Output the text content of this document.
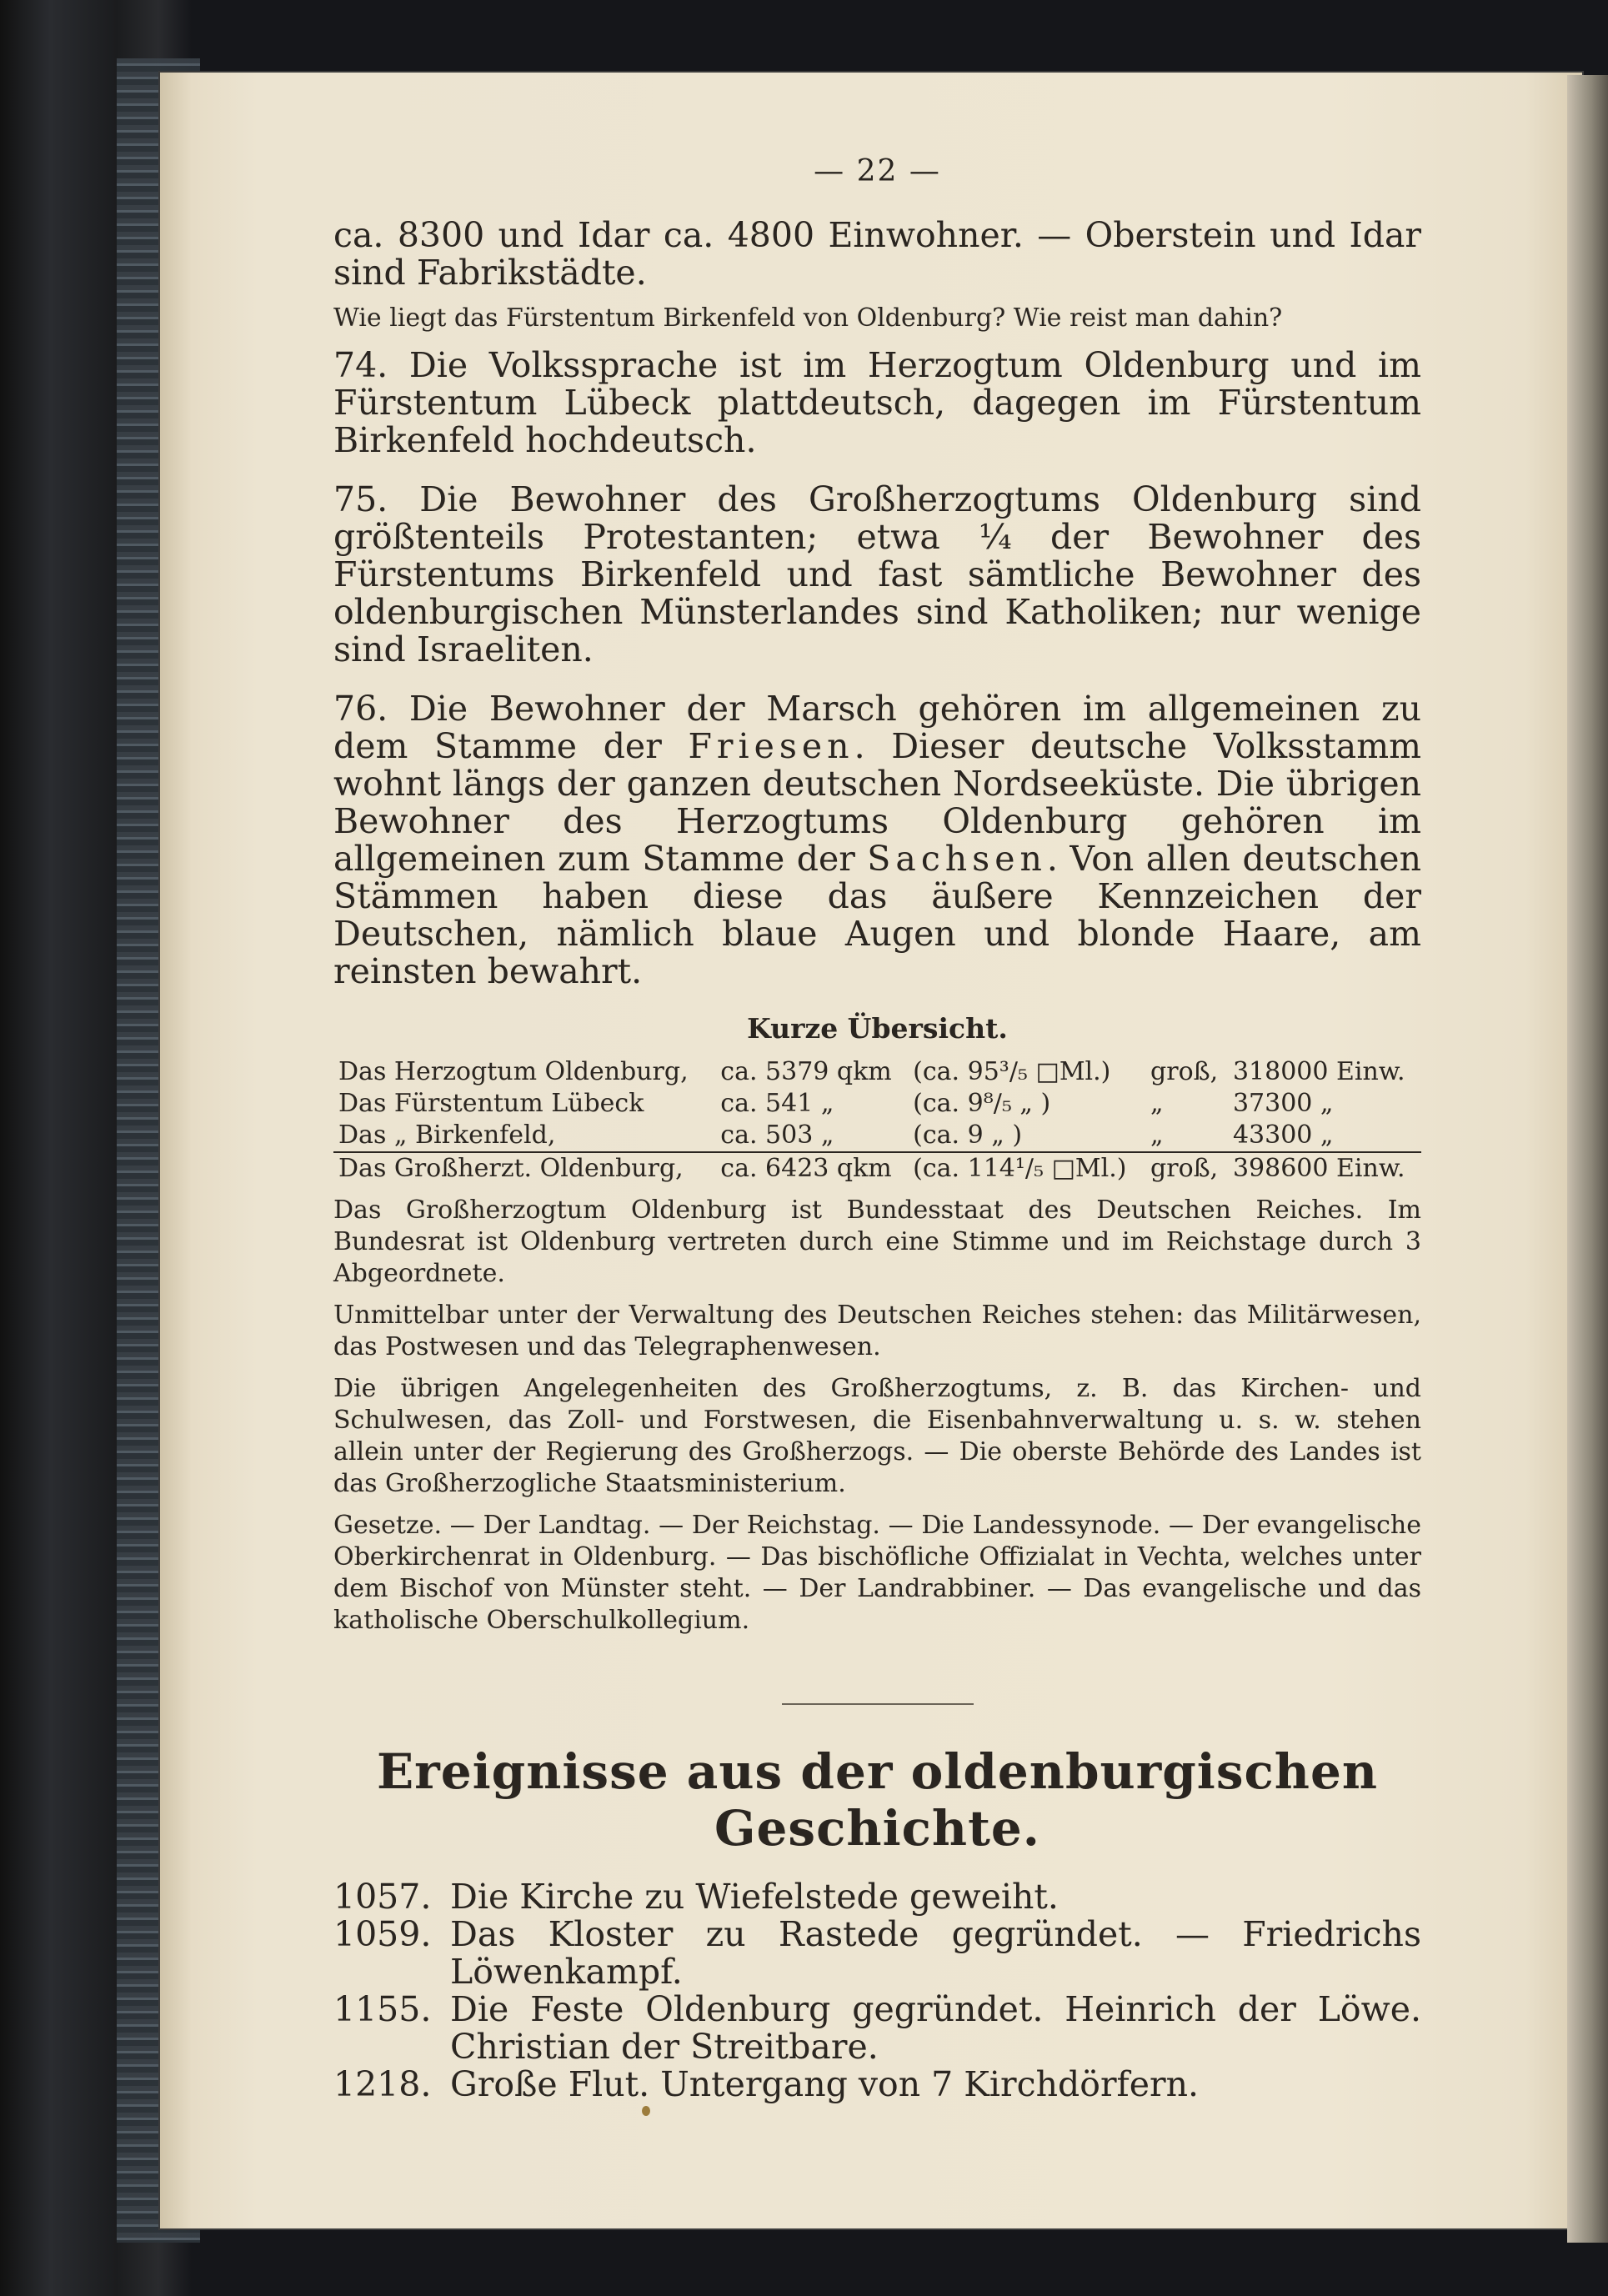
— 22 —

ca. 8300 und Idar ca. 4800 Einwohner. — Oberstein und Idar sind Fabrikstädte.

Wie liegt das Fürstentum Birkenfeld von Oldenburg? Wie reist man dahin?

74. Die Volkssprache ist im Herzogtum Oldenburg und im Fürstentum Lübeck plattdeutsch, dagegen im Fürstentum Birkenfeld hochdeutsch.

75. Die Bewohner des Großherzogtums Oldenburg sind größtenteils Protestanten; etwa ¼ der Bewohner des Fürstentums Birkenfeld und fast sämtliche Bewohner des oldenburgischen Münsterlandes sind Katholiken; nur wenige sind Israeliten.

76. Die Bewohner der Marsch gehören im allgemeinen zu dem Stamme der Friesen. Dieser deutsche Volksstamm wohnt längs der ganzen deutschen Nordseeküste. Die übrigen Bewohner des Herzogtums Oldenburg gehören im allgemeinen zum Stamme der Sachsen. Von allen deutschen Stämmen haben diese das äußere Kennzeichen der Deutschen, nämlich blaue Augen und blonde Haare, am reinsten bewahrt.

Kurze Übersicht.
Das Herzogtum Oldenburg,	ca. 5379 qkm	(ca. 95³/₅ □Ml.)	groß,	318000 Einw.
Das Fürstentum Lübeck	ca. 541 „	(ca. 9⁸/₅ „ )	„	37300 „
Das „ Birkenfeld,	ca. 503 „	(ca. 9 „ )	„	43300 „
Das Großherzt. Oldenburg,	ca. 6423 qkm	(ca. 114¹/₅ □Ml.)	groß,	398600 Einw.

Das Großherzogtum Oldenburg ist Bundesstaat des Deutschen Reiches. Im Bundesrat ist Oldenburg vertreten durch eine Stimme und im Reichstage durch 3 Abgeordnete.

Unmittelbar unter der Verwaltung des Deutschen Reiches stehen: das Militärwesen, das Postwesen und das Telegraphenwesen.

Die übrigen Angelegenheiten des Großherzogtums, z. B. das Kirchen- und Schulwesen, das Zoll- und Forstwesen, die Eisenbahnverwaltung u. s. w. stehen allein unter der Regierung des Großherzogs. — Die oberste Behörde des Landes ist das Großherzogliche Staatsministerium.

Gesetze. — Der Landtag. — Der Reichstag. — Die Landessynode. — Der evangelische Oberkirchenrat in Oldenburg. — Das bischöfliche Offizialat in Vechta, welches unter dem Bischof von Münster steht. — Der Landrabbiner. — Das evangelische und das katholische Oberschulkollegium.

Ereignisse aus der oldenburgischen Geschichte.
1057. Die Kirche zu Wiefelstede geweiht.
1059. Das Kloster zu Rastede gegründet. — Friedrichs Löwenkampf.
1155. Die Feste Oldenburg gegründet. Heinrich der Löwe. Christian der Streitbare.
1218. Große Flut. Untergang von 7 Kirchdörfern.
